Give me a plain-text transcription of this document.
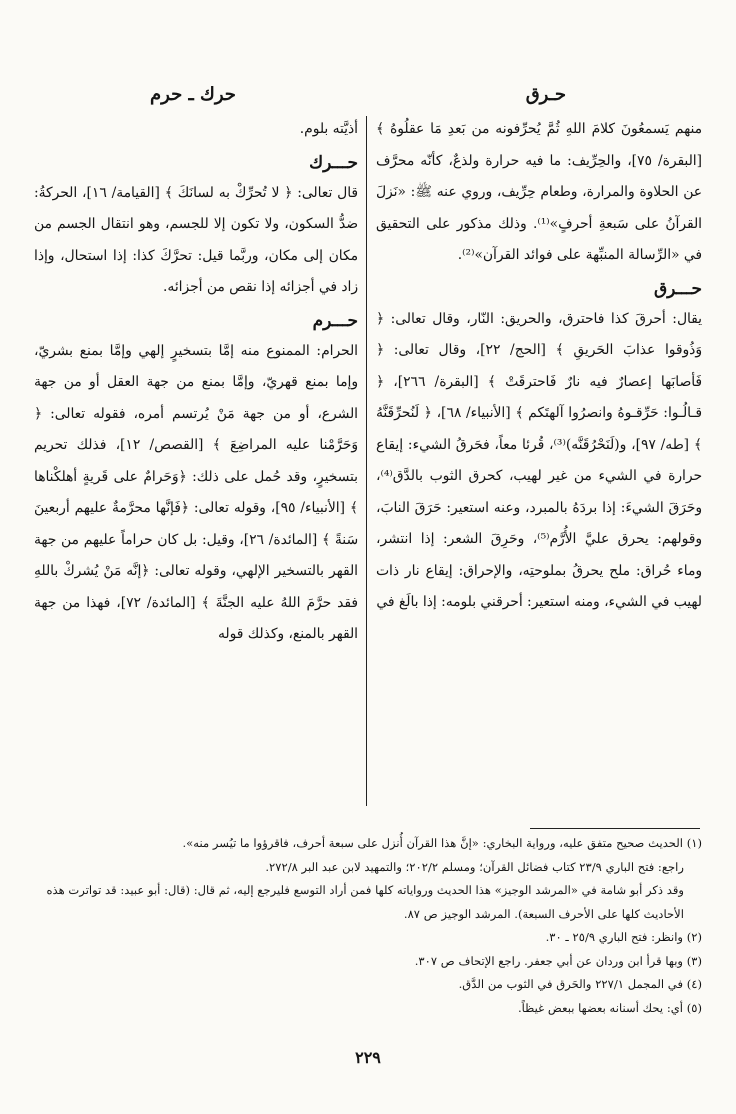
حـرق
حرك ـ حرم

منهم يَسمعُونَ كلامَ اللهِ ثُمَّ يُحرِّفونه من بَعدِ مَا عقلُوهُ ﴾ [البقرة/ ٧٥]، والحِرِّيف: ما فيه حرارة ولذعٌ، كأنّه محرَّف عن الحلاوة والمرارة، وطعام حِرِّيف، وروي عنه ﷺ: «نَزلَ القرآنُ على سَبعةِ أحرفٍ»⁽¹⁾. وذلك مذكور على التحقيق في «الرِّسالة المنبِّهة على فوائد القرآن»⁽²⁾.

حـــرق

يقال: أحرقَ كذا فاحترق، والحريق: النّار، وقال تعالى: ﴿ وَذُوقوا عذابَ الحَريقِ ﴾ [الحج/ ٢٢]، وقال تعالى: ﴿ فَأصابَها إعصارٌ فيه نارٌ فَاحترقَتْ ﴾ [البقرة/ ٢٦٦]، ﴿ قـالُـوا: حَرِّقـوهُ وانصرُوا آلهتَكم ﴾ [الأنبياء/ ٦٨]، ﴿ لَنُحرِّقَنَّهُ ﴾ [طه/ ٩٧]، و(لَنَحْرُقَنَّه)⁽³⁾، قُرئا معاً، فحَرقُ الشيء: إيقاع حرارة في الشيء من غير لهيب، كحرق الثوب بالدَّق⁽⁴⁾، وحَرَقَ الشيءَ: إذا بردَهُ بالمبرد، وعنه استعير: حَرَقَ النابَ، وقولهم: يحرق عليَّ الأُرَّم⁽⁵⁾، وحَرِقَ الشعر: إذا انتشر، وماء حُراق: ملح يحرقُ بملوحتِه، والإحراق: إيقاع نار ذات لهيب في الشيء، ومنه استعير: أحرقني بلومه: إذا بالَغ في

أذيَّته بلوم.

حـــرك

قال تعالى: ﴿ لا تُحرِّكْ به لسانَكَ ﴾ [القيامة/ ١٦]، الحركةُ: ضدُّ السكون، ولا تكون إلا للجسم، وهو انتقال الجسم من مكان إلى مكان، وربَّما قيل: تحرَّكَ كذا: إذا استحال، وإذا زاد في أجزائه إذا نقص من أجزائه.

حـــرم

الحرام: الممنوع منه إمَّا بتسخيرٍ إلهي وإمَّا بمنع بشريّ، وإما بمنع قهريّ، وإمَّا بمنع من جهة العقل أو من جهة الشرع، أو من جهة مَنْ يُرتسم أمره، فقوله تعالى: ﴿ وَحَرَّمْنا عليه المراضِعَ ﴾ [القصص/ ١٢]، فذلك تحريم بتسخيرٍ، وقد حُمل على ذلك: ﴿وَحَرامٌ على قَريةٍ أهلكْناها ﴾ [الأنبياء/ ٩٥]، وقوله تعالى: ﴿فَإنَّها محرَّمةٌ عليهم أربعينَ سَنةً ﴾ [المائدة/ ٢٦]، وقيل: بل كان حراماً عليهم من جهة القهر بالتسخير الإلهي، وقوله تعالى: ﴿إنَّه مَنْ يُشركْ باللهِ فقد حرَّمَ اللهُ عليه الجنَّةَ ﴾ [المائدة/ ٧٢]، فهذا من جهة القهر بالمنع، وكذلك قوله

(١) الحديث صحيح متفق عليه، ورواية البخاري: «إنَّ هذا القرآن أُنزل على سبعة أحرف، فاقرؤوا ما تيُسر منه».

راجع: فتح الباري ٢٣/٩ كتاب فضائل القرآن؛ ومسلم ٢٠٢/٢؛ والتمهيد لابن عبد البر ٢٧٢/٨.

وقد ذكر أبو شامة في «المرشد الوجيز» هذا الحديث ورواياته كلها فمن أراد التوسع فليرجع إليه، ثم قال: (قال: أبو عبيد: قد تواترت هذه الأحاديث كلها على الأحرف السبعة). المرشد الوجيز ص ٨٧.

(٢) وانظر: فتح الباري ٢٥/٩ ـ ٣٠.

(٣) وبها قرأ ابن وردان عن أبي جعفر. راجع الإتحاف ص ٣٠٧.

(٤) في المجمل ٢٢٧/١ والحَرق في الثوب من الدَّق.

(٥) أي: يحك أسنانه بعضها ببعض غيظاً.

٢٢٩
